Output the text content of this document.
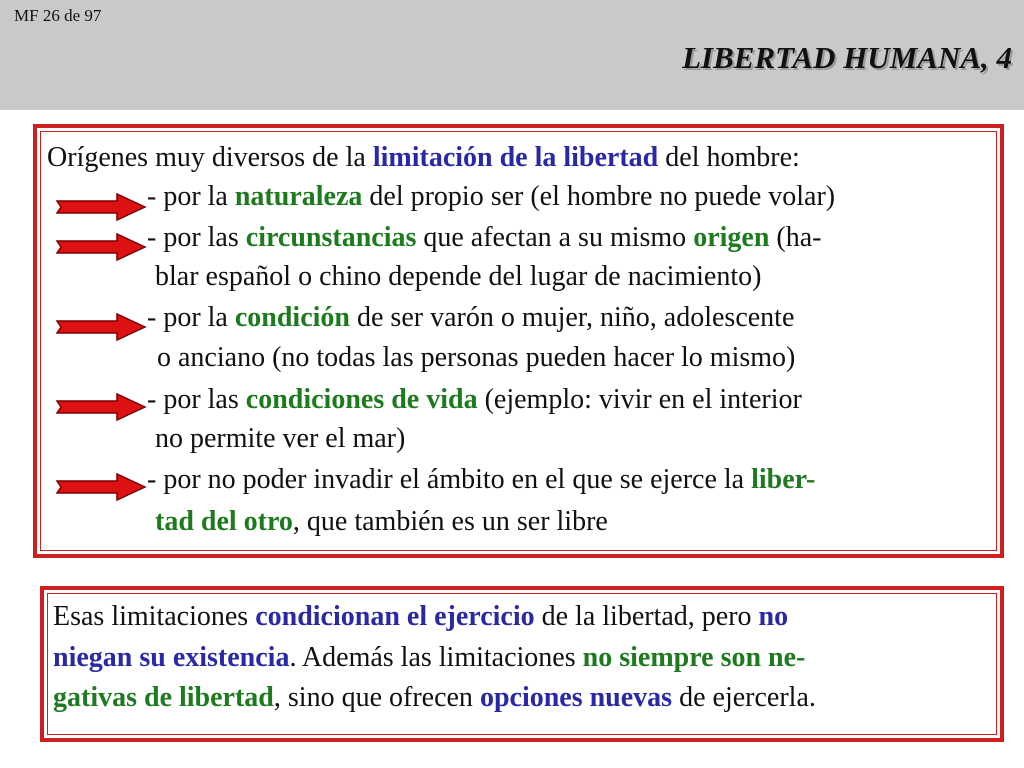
MF 26 de 97
LIBERTAD HUMANA, 4
Orígenes muy diversos de la limitación de la libertad del hombre:
- por la naturaleza del propio ser (el hombre no puede volar)
- por las circunstancias que afectan a su mismo origen (ha-
blar español o chino depende del lugar de nacimiento)
- por la condición de ser varón o mujer, niño, adolescente
o anciano (no todas las personas pueden hacer lo mismo)
- por las condiciones de vida (ejemplo: vivir en el interior
no permite ver el mar)
- por no poder invadir el ámbito en el que se ejerce la liber-
tad del otro, que también es un ser libre
Esas limitaciones condicionan el ejercicio de la libertad, pero no
niegan su existencia. Además las limitaciones no siempre son ne-
gativas de libertad, sino que ofrecen opciones nuevas de ejercerla.
